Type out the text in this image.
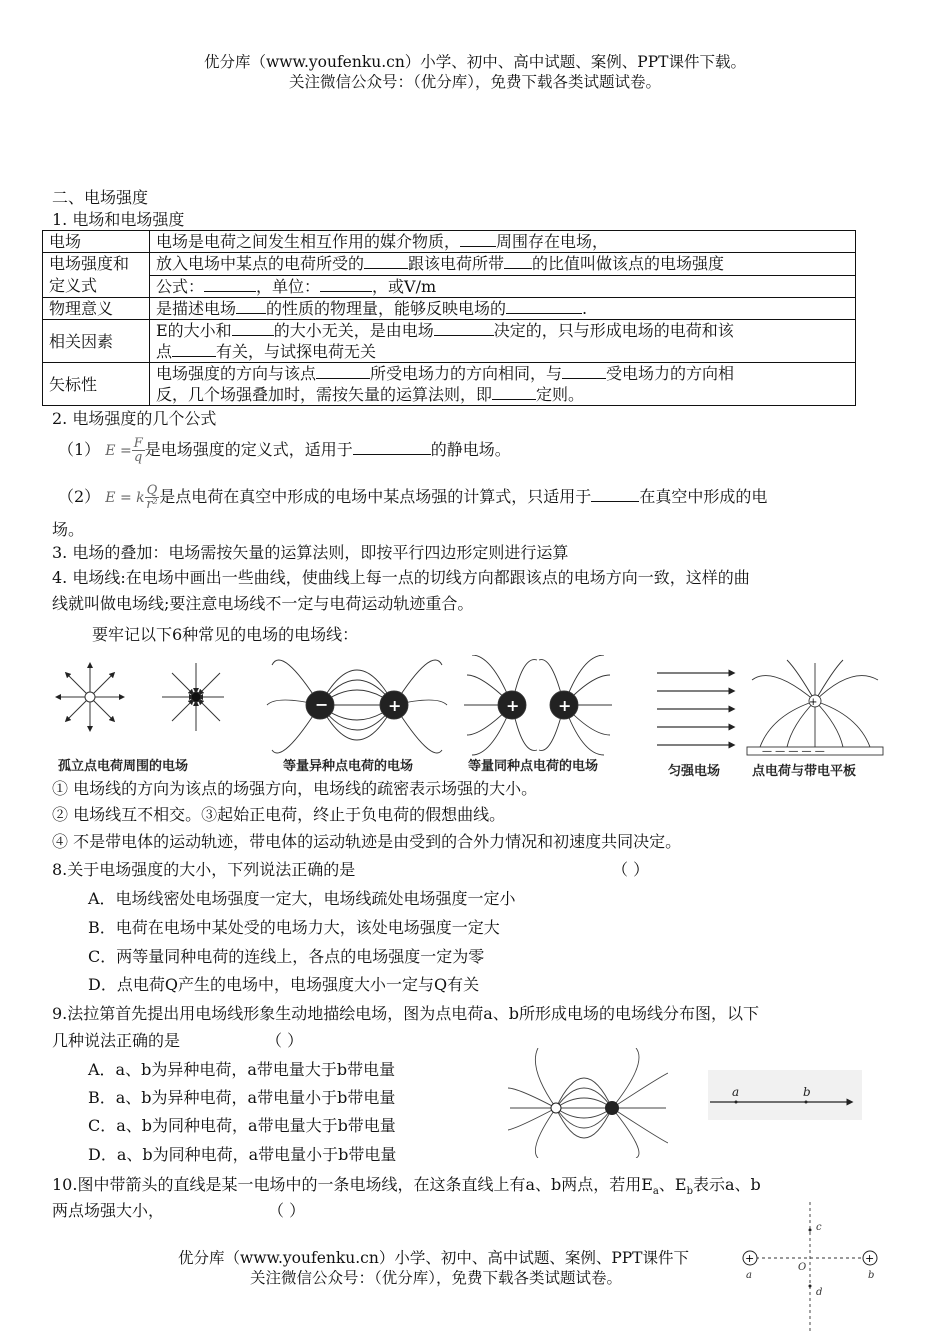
优分库（www.youfenku.cn）小学、初中、高中试题、案例、PPT课件下载。
关注微信公众号：（优分库），免费下载各类试题试卷。
二、电场强度
1. 电场和电场强度
电场	电场是电荷之间发生相互作用的媒介物质， 周围存在电场，
电场强度和定义式	放入电场中某点的电荷所受的 跟该电荷所带 的比值叫做该点的电场强度
	公式： ，单位： ，或V/m
物理意义	是描述电场 的性质的物理量，能够反映电场的 .
相关因素	E的大小和 的大小无关，是由电场 决定的，只与形成电场的电荷和该
点 有关，与试探电荷无关
矢标性	电场强度的方向与该点 所受电场力的方向相同，与 受电场力的方向相
反，几个场强叠加时，需按矢量的运算法则，即 定则。
2. 电场强度的几个公式
（1） $E = \frac{F}{q}$ 是电场强度的定义式，适用于	的静电场。
（2） E = k $\frac{Q}{\text{r²}}$ 是点电荷在真空中形成的电场中某点场强的计算式，只适用于	在真空中形成的电
场。
3. 电场的叠加：电场需按矢量的运算法则，即按平行四边形定则进行运算
4. 电场线:在电场中画出一些曲线，使曲线上每一点的切线方向都跟该点的电场方向一致，这样的曲
线就叫做电场线;要注意电场线不一定与电荷运动轨迹重合。
要牢记以下6种常见的电场的电场线：
−	+	+ +	+
— — — — —
孤立点电荷周围的电场	等量异种点电荷的电场	等量同种点电荷的电场	匀强电场 点电荷与带电平板
① 电场线的方向为该点的场强方向，电场线的疏密表示场强的大小。
② 电场线互不相交。③起始正电荷，终止于负电荷的假想曲线。
④ 不是带电体的运动轨迹，带电体的运动轨迹是由受到的合外力情况和初速度共同决定。
8.关于电场强度的大小，下列说法正确的是	（ ）
A．电场线密处电场强度一定大，电场线疏处电场强度一定小
B．电荷在电场中某处受的电场力大，该处电场强度一定大
C．两等量同种电荷的连线上，各点的电场强度一定为零
D．点电荷Q产生的电场中，电场强度大小一定与Q有关
9.法拉第首先提出用电场线形象生动地描绘电场，图为点电荷a、b所形成电场的电场线分布图，以下
几种说法正确的是	（ ）
A．a、b为异种电荷，a带电量大于b带电量
B．a、b为异种电荷，a带电量小于b带电量
C．a、b为同种电荷，a带电量大于b带电量
D．a、b为同种电荷，a带电量小于b带电量
a	b
10.图中带箭头的直线是某一电场中的一条电场线，在这条直线上有a、b两点，若用$E_a$、$E_b$表示a、b
两点场强大小，	（ ）
+	+
c
d
O
a	b
优分库（www.youfenku.cn）小学、初中、高中试题、案例、PPT课件下
关注微信公众号：（优分库），免费下载各类试题试卷。
